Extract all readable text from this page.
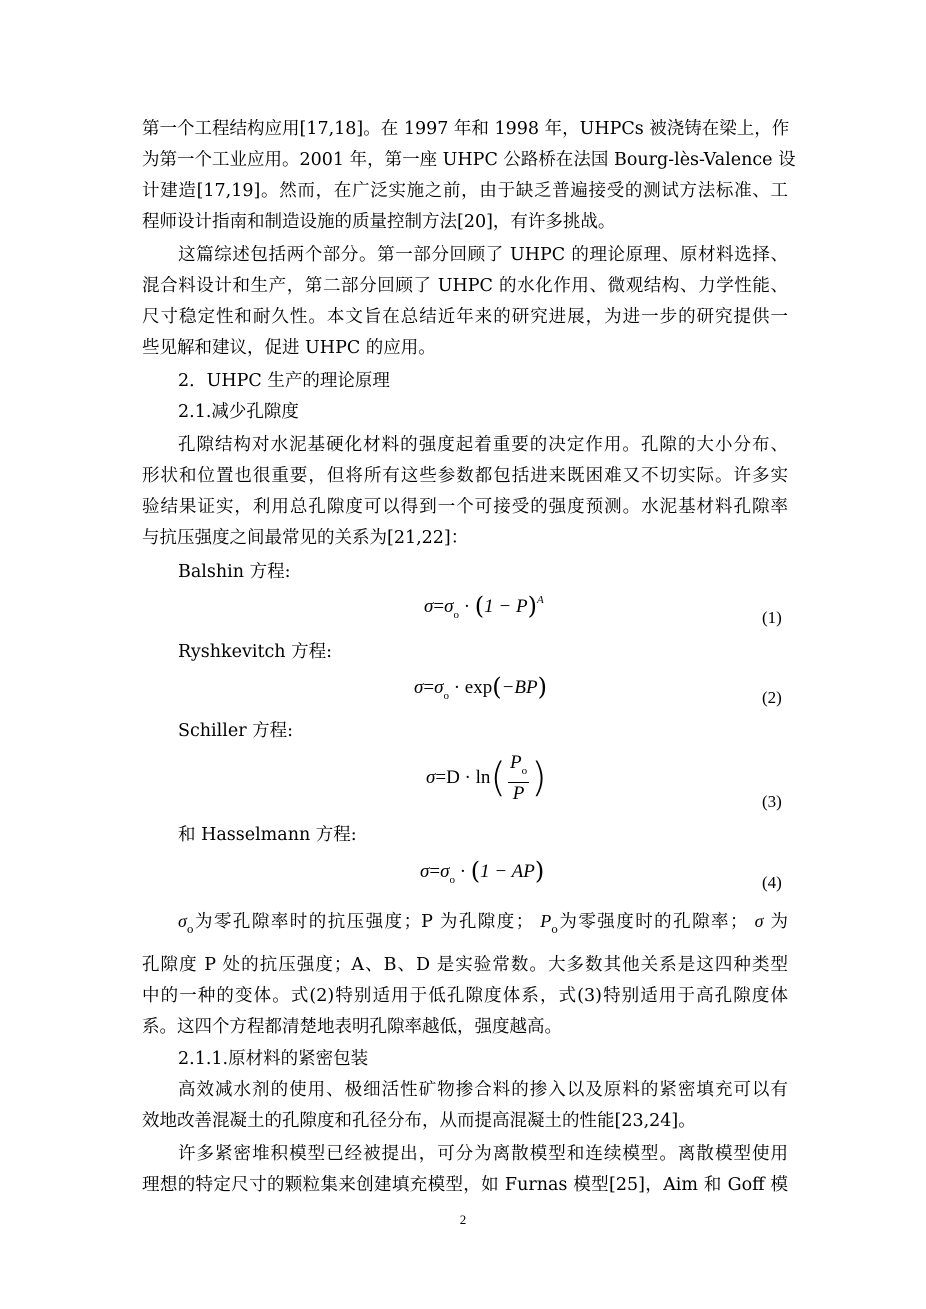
第一个工程结构应用[17,18]。在 1997 年和 1998 年，UHPCs 被浇铸在梁上，作
为第一个工业应用。2001 年，第一座 UHPC 公路桥在法国 Bourg-lès-Valence 设
计建造[17,19]。然而，在广泛实施之前，由于缺乏普遍接受的测试方法标准、工
程师设计指南和制造设施的质量控制方法[20]，有许多挑战。
这篇综述包括两个部分。第一部分回顾了 UHPC 的理论原理、原材料选择、
混合料设计和生产，第二部分回顾了 UHPC 的水化作用、微观结构、力学性能、
尺寸稳定性和耐久性。本文旨在总结近年来的研究进展，为进一步的研究提供一
些见解和建议，促进 UHPC 的应用。
2．UHPC 生产的理论原理
2.1.减少孔隙度
孔隙结构对水泥基硬化材料的强度起着重要的决定作用。孔隙的大小分布、
形状和位置也很重要，但将所有这些参数都包括进来既困难又不切实际。许多实
验结果证实，利用总孔隙度可以得到一个可接受的强度预测。水泥基材料孔隙率
与抗压强度之间最常见的关系为[21,22]：
Balshin 方程:
$\sigma=\sigma_o \cdot (1 - P)^A$
(1)
Ryshkevitch 方程:
$\sigma=\sigma_o \cdot \exp(-BP)$	(2)
Schiller 方程:
$\sigma=D \cdot \ln( \frac{P_o}{P}$ )
(3)
和 Hasselmann 方程:
$\sigma=\sigma_o \cdot (1 - AP)$	(4)
$\sigma_o$为零孔隙率时的抗压强度；P 为孔隙度； $P_o$为零强度时的孔隙率； σ 为
孔隙度 P 处的抗压强度；A、B、D 是实验常数。大多数其他关系是这四种类型
中的一种的变体。式(2)特别适用于低孔隙度体系，式(3)特别适用于高孔隙度体
系。这四个方程都清楚地表明孔隙率越低，强度越高。
2.1.1.原材料的紧密包装
高效减水剂的使用、极细活性矿物掺合料的掺入以及原料的紧密填充可以有
效地改善混凝土的孔隙度和孔径分布，从而提高混凝土的性能[23,24]。
许多紧密堆积模型已经被提出，可分为离散模型和连续模型。离散模型使用
理想的特定尺寸的颗粒集来创建填充模型，如 Furnas 模型[25]，Aim 和 Goff 模
2
